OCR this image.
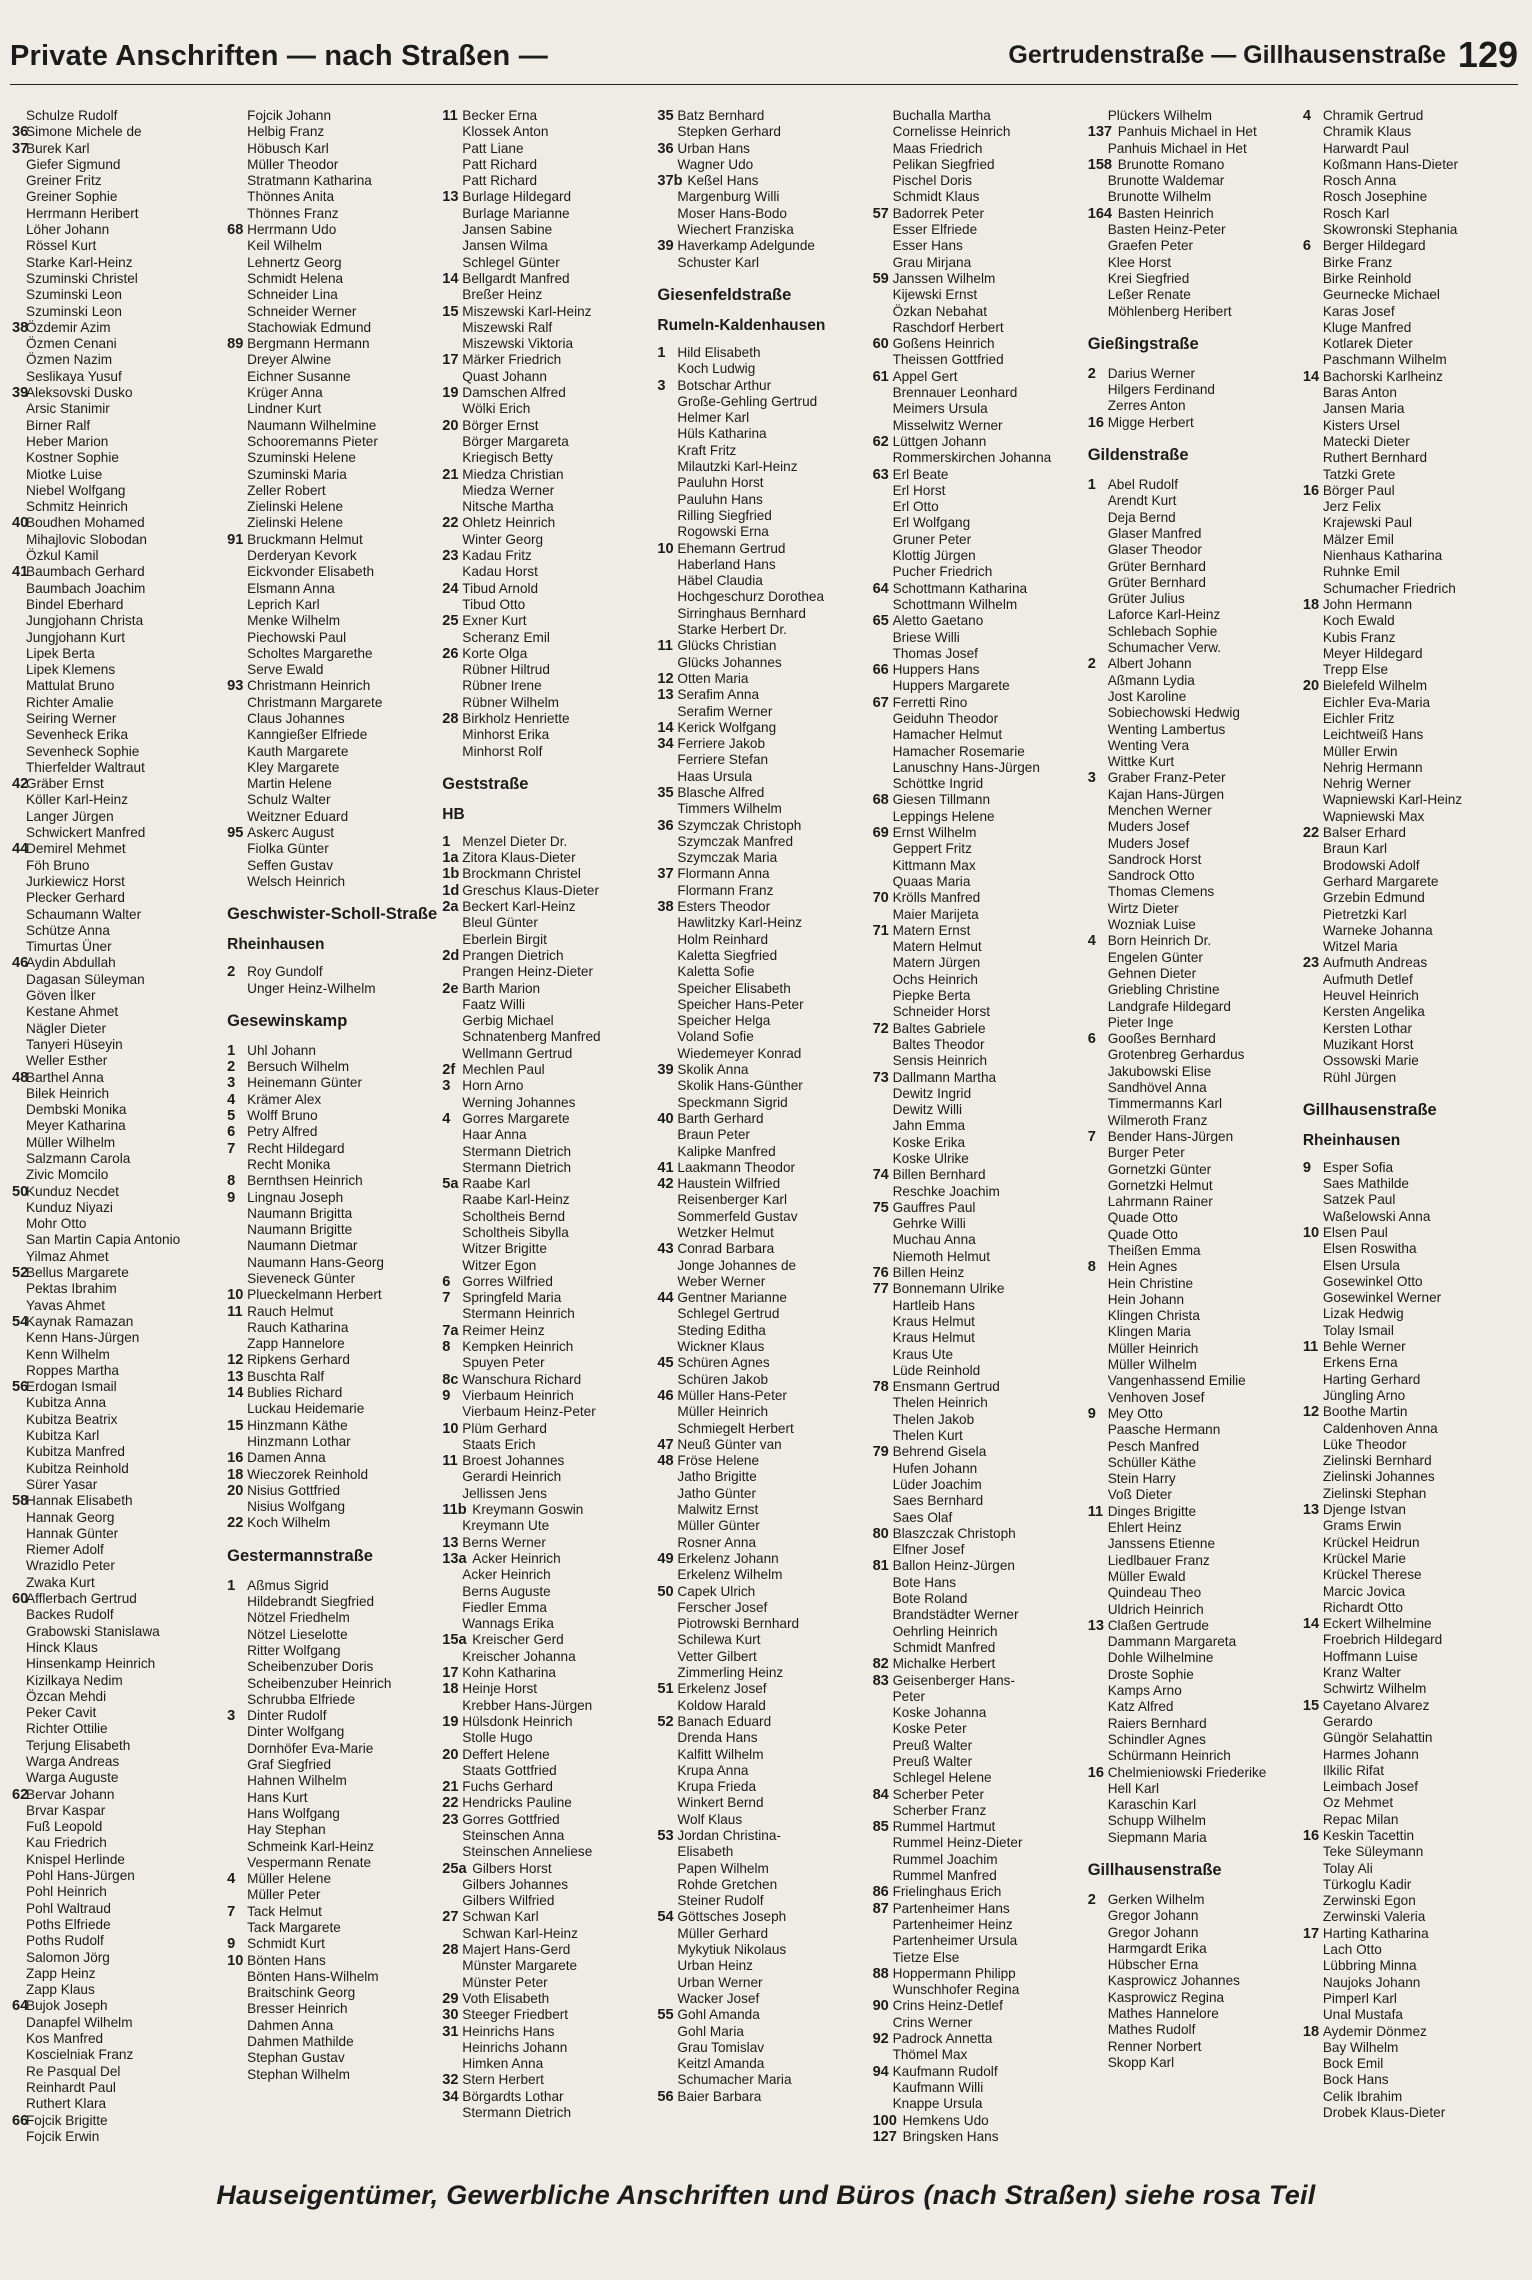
Private Anschriften — nach Straßen —	Gertrudenstraße — Gillhausenstraße 129
Schulze Rudolf
36
Simone Michele de
37
Burek Karl
Giefer Sigmund
Greiner Fritz
Greiner Sophie
Herrmann Heribert
Löher Johann
Rössel Kurt
Starke Karl-Heinz
Szuminski Christel
Szuminski Leon
Szuminski Leon
38
Özdemir Azim
Özmen Cenani
Özmen Nazim
Seslikaya Yusuf
39
Aleksovski Dusko
Arsic Stanimir
Birner Ralf
Heber Marion
Kostner Sophie
Miotke Luise
Niebel Wolfgang
Schmitz Heinrich
40
Boudhen Mohamed
Mihajlovic Slobodan
Özkul Kamil
41
Baumbach Gerhard
Baumbach Joachim
Bindel Eberhard
Jungjohann Christa
Jungjohann Kurt
Lipek Berta
Lipek Klemens
Mattulat Bruno
Richter Amalie
Seiring Werner
Sevenheck Erika
Sevenheck Sophie
Thierfelder Waltraut
42
Gräber Ernst
Köller Karl-Heinz
Langer Jürgen
Schwickert Manfred
44
Demirel Mehmet
Föh Bruno
Jurkiewicz Horst
Plecker Gerhard
Schaumann Walter
Schütze Anna
Timurtas Üner
46
Aydin Abdullah
Dagasan Süleyman
Göven İlker
Kestane Ahmet
Nägler Dieter
Tanyeri Hüseyin
Weller Esther
48
Barthel Anna
Bilek Heinrich
Dembski Monika
Meyer Katharina
Müller Wilhelm
Salzmann Carola
Zivic Momcilo
50
Kunduz Necdet
Kunduz Niyazi
Mohr Otto
San Martin Capia Antonio
Yilmaz Ahmet
52
Bellus Margarete
Pektas Ibrahim
Yavas Ahmet
54
Kaynak Ramazan
Kenn Hans-Jürgen
Kenn Wilhelm
Roppes Martha
56
Erdogan Ismail
Kubitza Anna
Kubitza Beatrix
Kubitza Karl
Kubitza Manfred
Kubitza Reinhold
Sürer Yasar
58
Hannak Elisabeth
Hannak Georg
Hannak Günter
Riemer Adolf
Wrazidlo Peter
Zwaka Kurt
60
Afflerbach Gertrud
Backes Rudolf
Grabowski Stanislawa
Hinck Klaus
Hinsenkamp Heinrich
Kizilkaya Nedim
Özcan Mehdi
Peker Cavit
Richter Ottilie
Terjung Elisabeth
Warga Andreas
Warga Auguste
62
Bervar Johann
Brvar Kaspar
Fuß Leopold
Kau Friedrich
Knispel Herlinde
Pohl Hans-Jürgen
Pohl Heinrich
Pohl Waltraud
Poths Elfriede
Poths Rudolf
Salomon Jörg
Zapp Heinz
Zapp Klaus
64
Bujok Joseph
Danapfel Wilhelm
Kos Manfred
Koscielniak Franz
Re Pasqual Del
Reinhardt Paul
Ruthert Klara
66
Fojcik Brigitte
Fojcik Erwin
Fojcik Johann
Helbig Franz
Höbusch Karl
Müller Theodor
Stratmann Katharina
Thönnes Anita
Thönnes Franz
68 Herrmann Udo
Keil Wilhelm
Lehnertz Georg
Schmidt Helena
Schneider Lina
Schneider Werner
Stachowiak Edmund
89 Bergmann Hermann
Dreyer Alwine
Eichner Susanne
Krüger Anna
Lindner Kurt
Naumann Wilhelmine
Schooremanns Pieter
Szuminski Helene
Szuminski Maria
Zeller Robert
Zielinski Helene
Zielinski Helene
91 Bruckmann Helmut
Derderyan Kevork
Eickvonder Elisabeth
Elsmann Anna
Leprich Karl
Menke Wilhelm
Piechowski Paul
Scholtes Margarethe
Serve Ewald
93 Christmann Heinrich
Christmann Margarete
Claus Johannes
Kanngießer Elfriede
Kauth Margarete
Kley Margarete
Martin Helene
Schulz Walter
Weitzner Eduard
95 Askerc August
Fiolka Günter
Seffen Gustav
Welsch Heinrich
Geschwister-Scholl-Straße
Rheinhausen
2 Roy Gundolf
Unger Heinz-Wilhelm
Gesewinskamp
1 Uhl Johann
2 Bersuch Wilhelm
3 Heinemann Günter
4 Krämer Alex
5 Wolff Bruno
6 Petry Alfred
7 Recht Hildegard
Recht Monika
8 Bernthsen Heinrich
9 Lingnau Joseph
Naumann Brigitta
Naumann Brigitte
Naumann Dietmar
Naumann Hans-Georg
Sieveneck Günter
10 Plueckelmann Herbert
11 Rauch Helmut
Rauch Katharina
Zapp Hannelore
12 Ripkens Gerhard
13 Buschta Ralf
14 Bublies Richard
Luckau Heidemarie
15 Hinzmann Käthe
Hinzmann Lothar
16 Damen Anna
18 Wieczorek Reinhold
20 Nisius Gottfried
Nisius Wolfgang
22 Koch Wilhelm
Gestermannstraße
1 Aßmus Sigrid
Hildebrandt Siegfried
Nötzel Friedhelm
Nötzel Lieselotte
Ritter Wolfgang
Scheibenzuber Doris
Scheibenzuber Heinrich
Schrubba Elfriede
3 Dinter Rudolf
Dinter Wolfgang
Dornhöfer Eva-Marie
Graf Siegfried
Hahnen Wilhelm
Hans Kurt
Hans Wolfgang
Hay Stephan
Schmeink Karl-Heinz
Vespermann Renate
4 Müller Helene
Müller Peter
7 Tack Helmut
Tack Margarete
9 Schmidt Kurt
10 Bönten Hans
Bönten Hans-Wilhelm
Braitschink Georg
Bresser Heinrich
Dahmen Anna
Dahmen Mathilde
Stephan Gustav
Stephan Wilhelm
11 Becker Erna
Klossek Anton
Patt Liane
Patt Richard
Patt Richard
13 Burlage Hildegard
Burlage Marianne
Jansen Sabine
Jansen Wilma
Schlegel Günter
14 Bellgardt Manfred
Breßer Heinz
15 Miszewski Karl-Heinz
Miszewski Ralf
Miszewski Viktoria
17 Märker Friedrich
Quast Johann
19 Damschen Alfred
Wölki Erich
20 Börger Ernst
Börger Margareta
Kriegisch Betty
21 Miedza Christian
Miedza Werner
Nitsche Martha
22 Ohletz Heinrich
Winter Georg
23 Kadau Fritz
Kadau Horst
24 Tibud Arnold
Tibud Otto
25 Exner Kurt
Scheranz Emil
26 Korte Olga
Rübner Hiltrud
Rübner Irene
Rübner Wilhelm
28 Birkholz Henriette
Minhorst Erika
Minhorst Rolf
Geststraße
HB
1 Menzel Dieter Dr.
1a Zitora Klaus-Dieter
1b Brockmann Christel
1d Greschus Klaus-Dieter
2a Beckert Karl-Heinz
Bleul Günter
Eberlein Birgit
2d Prangen Dietrich
Prangen Heinz-Dieter
2e Barth Marion
Faatz Willi
Gerbig Michael
Schnatenberg Manfred
Wellmann Gertrud
2f Mechlen Paul
3 Horn Arno
Werning Johannes
4 Gorres Margarete
Haar Anna
Stermann Dietrich
Stermann Dietrich
5a Raabe Karl
Raabe Karl-Heinz
Scholtheis Bernd
Scholtheis Sibylla
Witzer Brigitte
Witzer Egon
6 Gorres Wilfried
7 Springfeld Maria
Stermann Heinrich
7a Reimer Heinz
8 Kempken Heinrich
Spuyen Peter
8c Wanschura Richard
9 Vierbaum Heinrich
Vierbaum Heinz-Peter
10 Plüm Gerhard
Staats Erich
11 Broest Johannes
Gerardi Heinrich
Jellissen Jens
11b Kreymann Goswin
Kreymann Ute
13 Berns Werner
13a Acker Heinrich
Acker Heinrich
Berns Auguste
Fiedler Emma
Wannags Erika
15a Kreischer Gerd
Kreischer Johanna
17 Kohn Katharina
18 Heinje Horst
Krebber Hans-Jürgen
19 Hülsdonk Heinrich
Stolle Hugo
20 Deffert Helene
Staats Gottfried
21 Fuchs Gerhard
22 Hendricks Pauline
23 Gorres Gottfried
Steinschen Anna
Steinschen Anneliese
25a Gilbers Horst
Gilbers Johannes
Gilbers Wilfried
27 Schwan Karl
Schwan Karl-Heinz
28 Majert Hans-Gerd
Münster Margarete
Münster Peter
29 Voth Elisabeth
30 Steeger Friedbert
31 Heinrichs Hans
Heinrichs Johann
Himken Anna
32 Stern Herbert
34 Börgardts Lothar
Stermann Dietrich
35 Batz Bernhard
Stepken Gerhard
36 Urban Hans
Wagner Udo
37b Keßel Hans
Margenburg Willi
Moser Hans-Bodo
Wiechert Franziska
39 Haverkamp Adelgunde
Schuster Karl
Giesenfeldstraße
Rumeln-Kaldenhausen
1 Hild Elisabeth
Koch Ludwig
3 Botschar Arthur
Große-Gehling Gertrud
Helmer Karl
Hüls Katharina
Kraft Fritz
Milautzki Karl-Heinz
Pauluhn Horst
Pauluhn Hans
Rilling Siegfried
Rogowski Erna
10 Ehemann Gertrud
Haberland Hans
Häbel Claudia
Hochgeschurz Dorothea
Sirringhaus Bernhard
Starke Herbert Dr.
11 Glücks Christian
Glücks Johannes
12 Otten Maria
13 Serafim Anna
Serafim Werner
14 Kerick Wolfgang
34 Ferriere Jakob
Ferriere Stefan
Haas Ursula
35 Blasche Alfred
Timmers Wilhelm
36 Szymczak Christoph
Szymczak Manfred
Szymczak Maria
37 Flormann Anna
Flormann Franz
38 Esters Theodor
Hawlitzky Karl-Heinz
Holm Reinhard
Kaletta Siegfried
Kaletta Sofie
Speicher Elisabeth
Speicher Hans-Peter
Speicher Helga
Voland Sofie
Wiedemeyer Konrad
39 Skolik Anna
Skolik Hans-Günther
Speckmann Sigrid
40 Barth Gerhard
Braun Peter
Kalipke Manfred
41 Laakmann Theodor
42 Haustein Wilfried
Reisenberger Karl
Sommerfeld Gustav
Wetzker Helmut
43 Conrad Barbara
Jonge Johannes de
Weber Werner
44 Gentner Marianne
Schlegel Gertrud
Steding Editha
Wickner Klaus
45 Schüren Agnes
Schüren Jakob
46 Müller Hans-Peter
Müller Heinrich
Schmiegelt Herbert
47 Neuß Günter van
48 Fröse Helene
Jatho Brigitte
Jatho Günter
Malwitz Ernst
Müller Günter
Rosner Anna
49 Erkelenz Johann
Erkelenz Wilhelm
50 Capek Ulrich
Ferscher Josef
Piotrowski Bernhard
Schilewa Kurt
Vetter Gilbert
Zimmerling Heinz
51 Erkelenz Josef
Koldow Harald
52 Banach Eduard
Drenda Hans
Kalfitt Wilhelm
Krupa Anna
Krupa Frieda
Winkert Bernd
Wolf Klaus
53 Jordan Christina-
Elisabeth
Papen Wilhelm
Rohde Gretchen
Steiner Rudolf
54 Göttsches Joseph
Müller Gerhard
Mykytiuk Nikolaus
Urban Heinz
Urban Werner
Wacker Josef
55 Gohl Amanda
Gohl Maria
Grau Tomislav
Keitzl Amanda
Schumacher Maria
56 Baier Barbara
Buchalla Martha
Cornelisse Heinrich
Maas Friedrich
Pelikan Siegfried
Pischel Doris
Schmidt Klaus
57 Badorrek Peter
Esser Elfriede
Esser Hans
Grau Mirjana
59 Janssen Wilhelm
Kijewski Ernst
Özkan Nebahat
Raschdorf Herbert
60 Goßens Heinrich
Theissen Gottfried
61 Appel Gert
Brennauer Leonhard
Meimers Ursula
Misselwitz Werner
62 Lüttgen Johann
Rommerskirchen Johanna
63 Erl Beate
Erl Horst
Erl Otto
Erl Wolfgang
Gruner Peter
Klottig Jürgen
Pucher Friedrich
64 Schottmann Katharina
Schottmann Wilhelm
65 Aletto Gaetano
Briese Willi
Thomas Josef
66 Huppers Hans
Huppers Margarete
67 Ferretti Rino
Geiduhn Theodor
Hamacher Helmut
Hamacher Rosemarie
Lanuschny Hans-Jürgen
Schöttke Ingrid
68 Giesen Tillmann
Leppings Helene
69 Ernst Wilhelm
Geppert Fritz
Kittmann Max
Quaas Maria
70 Krölls Manfred
Maier Marijeta
71 Matern Ernst
Matern Helmut
Matern Jürgen
Ochs Heinrich
Piepke Berta
Schneider Horst
72 Baltes Gabriele
Baltes Theodor
Sensis Heinrich
73 Dallmann Martha
Dewitz Ingrid
Dewitz Willi
Jahn Emma
Koske Erika
Koske Ulrike
74 Billen Bernhard
Reschke Joachim
75 Gauffres Paul
Gehrke Willi
Muchau Anna
Niemoth Helmut
76 Billen Heinz
77 Bonnemann Ulrike
Hartleib Hans
Kraus Helmut
Kraus Helmut
Kraus Ute
Lüde Reinhold
78 Ensmann Gertrud
Thelen Heinrich
Thelen Jakob
Thelen Kurt
79 Behrend Gisela
Hufen Johann
Lüder Joachim
Saes Bernhard
Saes Olaf
80 Blaszczak Christoph
Elfner Josef
81 Ballon Heinz-Jürgen
Bote Hans
Bote Roland
Brandstädter Werner
Oehrling Heinrich
Schmidt Manfred
82 Michalke Herbert
83 Geisenberger Hans-
Peter
Koske Johanna
Koske Peter
Preuß Walter
Preuß Walter
Schlegel Helene
84 Scherber Peter
Scherber Franz
85 Rummel Hartmut
Rummel Heinz-Dieter
Rummel Joachim
Rummel Manfred
86 Frielinghaus Erich
87 Partenheimer Hans
Partenheimer Heinz
Partenheimer Ursula
Tietze Else
88 Hoppermann Philipp
Wunschhofer Regina
90 Crins Heinz-Detlef
Crins Werner
92 Padrock Annetta
Thömel Max
94 Kaufmann Rudolf
Kaufmann Willi
Knappe Ursula
100 Hemkens Udo
127 Bringsken Hans
Plückers Wilhelm
137 Panhuis Michael in Het
Panhuis Michael in Het
158 Brunotte Romano
Brunotte Waldemar
Brunotte Wilhelm
164 Basten Heinrich
Basten Heinz-Peter
Graefen Peter
Klee Horst
Krei Siegfried
Leßer Renate
Möhlenberg Heribert
Gießingstraße
2 Darius Werner
Hilgers Ferdinand
Zerres Anton
16 Migge Herbert
Gildenstraße
1 Abel Rudolf
Arendt Kurt
Deja Bernd
Glaser Manfred
Glaser Theodor
Grüter Bernhard
Grüter Bernhard
Grüter Julius
Laforce Karl-Heinz
Schlebach Sophie
Schumacher Verw.
2 Albert Johann
Aßmann Lydia
Jost Karoline
Sobiechowski Hedwig
Wenting Lambertus
Wenting Vera
Wittke Kurt
3 Graber Franz-Peter
Kajan Hans-Jürgen
Menchen Werner
Muders Josef
Muders Josef
Sandrock Horst
Sandrock Otto
Thomas Clemens
Wirtz Dieter
Wozniak Luise
4 Born Heinrich Dr.
Engelen Günter
Gehnen Dieter
Griebling Christine
Landgrafe Hildegard
Pieter Inge
6 Gooßes Bernhard
Grotenbreg Gerhardus
Jakubowski Elise
Sandhövel Anna
Timmermanns Karl
Wilmeroth Franz
7 Bender Hans-Jürgen
Burger Peter
Gornetzki Günter
Gornetzki Helmut
Lahrmann Rainer
Quade Otto
Quade Otto
Theißen Emma
8 Hein Agnes
Hein Christine
Hein Johann
Klingen Christa
Klingen Maria
Müller Heinrich
Müller Wilhelm
Vangenhassend Emilie
Venhoven Josef
9 Mey Otto
Paasche Hermann
Pesch Manfred
Schüller Käthe
Stein Harry
Voß Dieter
11 Dinges Brigitte
Ehlert Heinz
Janssens Etienne
Liedlbauer Franz
Müller Ewald
Quindeau Theo
Uldrich Heinrich
13 Claßen Gertrude
Dammann Margareta
Dohle Wilhelmine
Droste Sophie
Kamps Arno
Katz Alfred
Raiers Bernhard
Schindler Agnes
Schürmann Heinrich
16 Chelmieniowski Friederike
Hell Karl
Karaschin Karl
Schupp Wilhelm
Siepmann Maria
Gillhausenstraße
2 Gerken Wilhelm
Gregor Johann
Gregor Johann
Harmgardt Erika
Hübscher Erna
Kasprowicz Johannes
Kasprowicz Regina
Mathes Hannelore
Mathes Rudolf
Renner Norbert
Skopp Karl
4 Chramik Gertrud
Chramik Klaus
Harwardt Paul
Koßmann Hans-Dieter
Rosch Anna
Rosch Josephine
Rosch Karl
Skowronski Stephania
6 Berger Hildegard
Birke Franz
Birke Reinhold
Geurnecke Michael
Karas Josef
Kluge Manfred
Kotlarek Dieter
Paschmann Wilhelm
14 Bachorski Karlheinz
Baras Anton
Jansen Maria
Kisters Ursel
Matecki Dieter
Ruthert Bernhard
Tatzki Grete
16 Börger Paul
Jerz Felix
Krajewski Paul
Mälzer Emil
Nienhaus Katharina
Ruhnke Emil
Schumacher Friedrich
18 John Hermann
Koch Ewald
Kubis Franz
Meyer Hildegard
Trepp Else
20 Bielefeld Wilhelm
Eichler Eva-Maria
Eichler Fritz
Leichtweiß Hans
Müller Erwin
Nehrig Hermann
Nehrig Werner
Wapniewski Karl-Heinz
Wapniewski Max
22 Balser Erhard
Braun Karl
Brodowski Adolf
Gerhard Margarete
Grzebin Edmund
Pietretzki Karl
Warneke Johanna
Witzel Maria
23 Aufmuth Andreas
Aufmuth Detlef
Heuvel Heinrich
Kersten Angelika
Kersten Lothar
Muzikant Horst
Ossowski Marie
Rühl Jürgen
Gillhausenstraße
Rheinhausen
9 Esper Sofia
Saes Mathilde
Satzek Paul
Waßelowski Anna
10 Elsen Paul
Elsen Roswitha
Elsen Ursula
Gosewinkel Otto
Gosewinkel Werner
Lizak Hedwig
Tolay Ismail
11 Behle Werner
Erkens Erna
Harting Gerhard
Jüngling Arno
12 Boothe Martin
Caldenhoven Anna
Lüke Theodor
Zielinski Bernhard
Zielinski Johannes
Zielinski Stephan
13 Djenge Istvan
Grams Erwin
Krückel Heidrun
Krückel Marie
Krückel Therese
Marcic Jovica
Richardt Otto
14 Eckert Wilhelmine
Froebrich Hildegard
Hoffmann Luise
Kranz Walter
Schwirtz Wilhelm
15 Cayetano Alvarez
Gerardo
Güngör Selahattin
Harmes Johann
Ilkilic Rifat
Leimbach Josef
Oz Mehmet
Repac Milan
16 Keskin Tacettin
Teke Süleymann
Tolay Ali
Türkoglu Kadir
Zerwinski Egon
Zerwinski Valeria
17 Harting Katharina
Lach Otto
Lübbring Minna
Naujoks Johann
Pimperl Karl
Unal Mustafa
18 Aydemir Dönmez
Bay Wilhelm
Bock Emil
Bock Hans
Celik Ibrahim
Drobek Klaus-Dieter
Hauseigentümer, Gewerbliche Anschriften und Büros (nach Straßen) siehe rosa Teil
